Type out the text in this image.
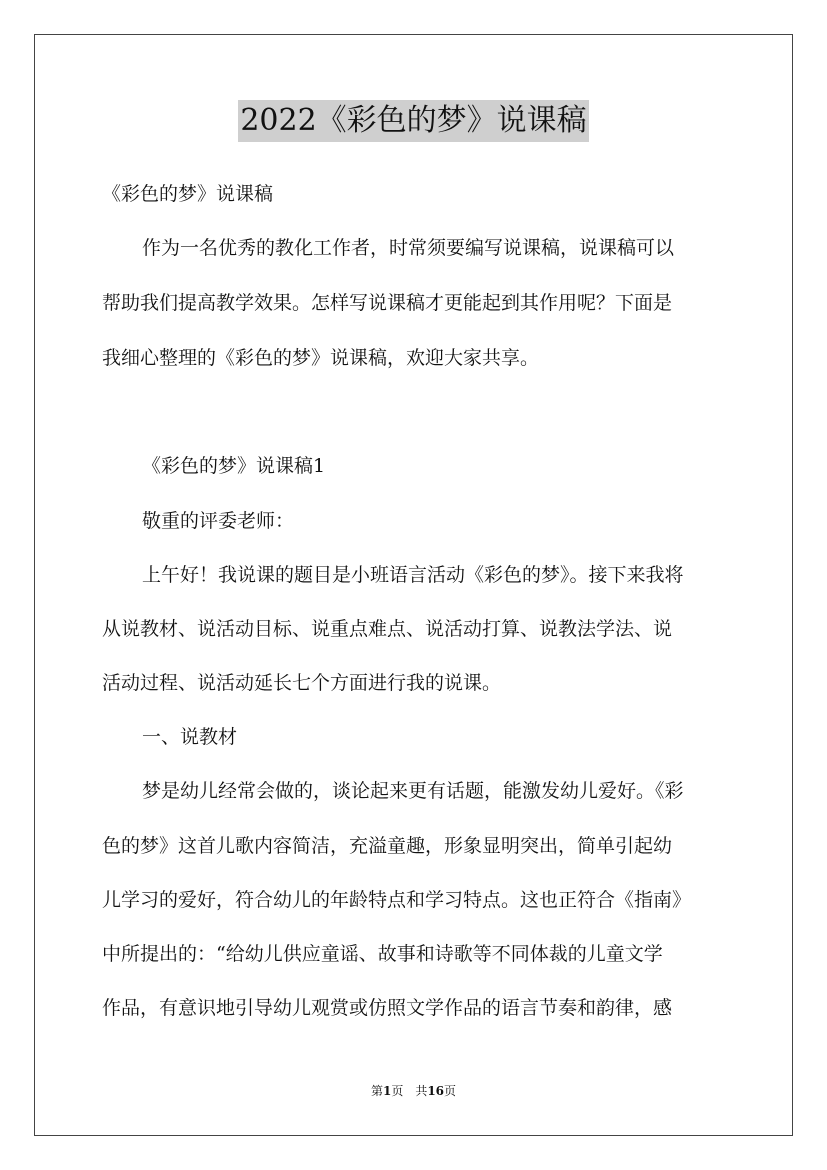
2022《彩色的梦》说课稿

《彩色的梦》说课稿

作为一名优秀的教化工作者，时常须要编写说课稿，说课稿可以

帮助我们提高教学效果。怎样写说课稿才更能起到其作用呢？下面是

我细心整理的《彩色的梦》说课稿，欢迎大家共享。

《彩色的梦》说课稿1

敬重的评委老师：

上午好！我说课的题目是小班语言活动《彩色的梦》。接下来我将

从说教材、说活动目标、说重点难点、说活动打算、说教法学法、说

活动过程、说活动延长七个方面进行我的说课。

一、说教材

梦是幼儿经常会做的，谈论起来更有话题，能激发幼儿爱好。《彩

色的梦》这首儿歌内容简洁，充溢童趣，形象显明突出，简单引起幼

儿学习的爱好，符合幼儿的年龄特点和学习特点。这也正符合《指南》

中所提出的：“给幼儿供应童谣、故事和诗歌等不同体裁的儿童文学

作品，有意识地引导幼儿观赏或仿照文学作品的语言节奏和韵律，感

第1页　共16页
